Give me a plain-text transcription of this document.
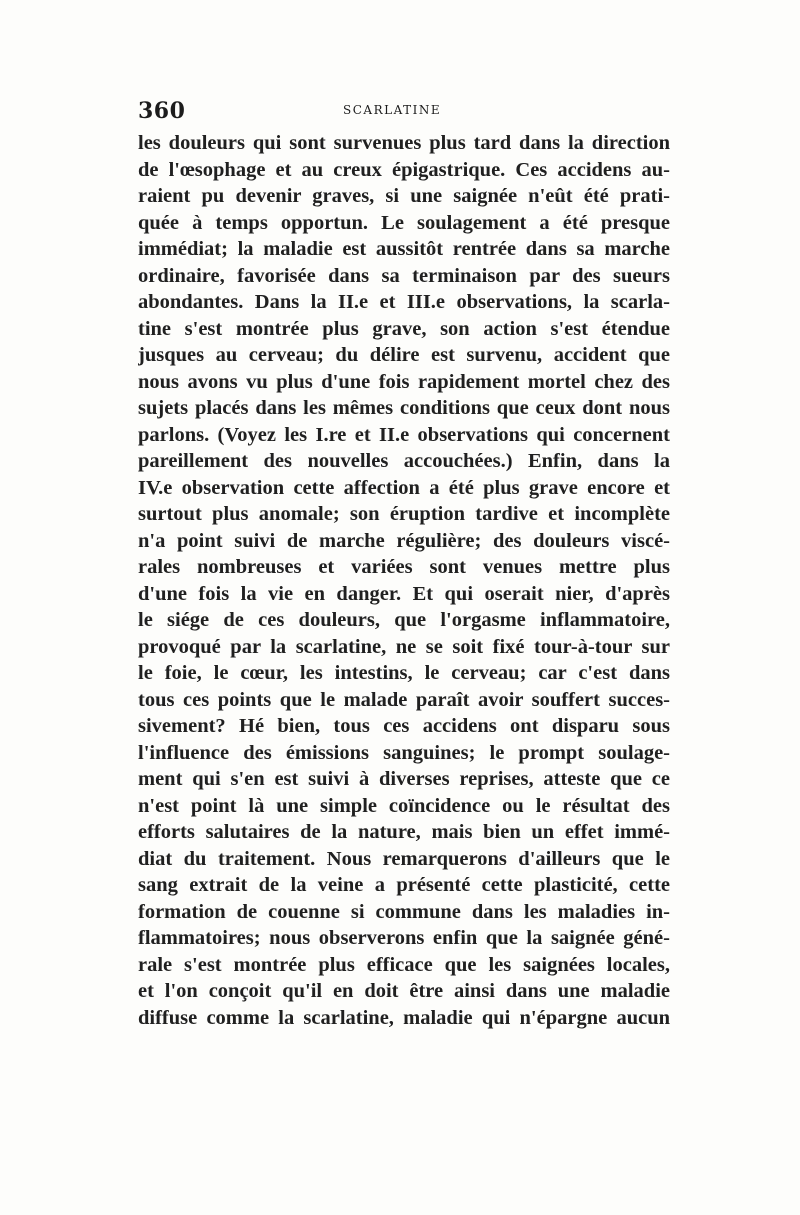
360	SCARLATINE
les douleurs qui sont survenues plus tard dans la direction
de l'œsophage et au creux épigastrique. Ces accidens au-
raient pu devenir graves, si une saignée n'eût été prati-
quée à temps opportun. Le soulagement a été presque
immédiat; la maladie est aussitôt rentrée dans sa marche
ordinaire, favorisée dans sa terminaison par des sueurs
abondantes. Dans la II.e et III.e observations, la scarla-
tine s'est montrée plus grave, son action s'est étendue
jusques au cerveau; du délire est survenu, accident que
nous avons vu plus d'une fois rapidement mortel chez des
sujets placés dans les mêmes conditions que ceux dont nous
parlons. (Voyez les I.re et II.e observations qui concernent
pareillement des nouvelles accouchées.) Enfin, dans la
IV.e observation cette affection a été plus grave encore et
surtout plus anomale; son éruption tardive et incomplète
n'a point suivi de marche régulière; des douleurs viscé-
rales nombreuses et variées sont venues mettre plus
d'une fois la vie en danger. Et qui oserait nier, d'après
le siége de ces douleurs, que l'orgasme inflammatoire,
provoqué par la scarlatine, ne se soit fixé tour-à-tour sur
le foie, le cœur, les intestins, le cerveau; car c'est dans
tous ces points que le malade paraît avoir souffert succes-
sivement? Hé bien, tous ces accidens ont disparu sous
l'influence des émissions sanguines; le prompt soulage-
ment qui s'en est suivi à diverses reprises, atteste que ce
n'est point là une simple coïncidence ou le résultat des
efforts salutaires de la nature, mais bien un effet immé-
diat du traitement. Nous remarquerons d'ailleurs que le
sang extrait de la veine a présenté cette plasticité, cette
formation de couenne si commune dans les maladies in-
flammatoires; nous observerons enfin que la saignée géné-
rale s'est montrée plus efficace que les saignées locales,
et l'on conçoit qu'il en doit être ainsi dans une maladie
diffuse comme la scarlatine, maladie qui n'épargne aucun
